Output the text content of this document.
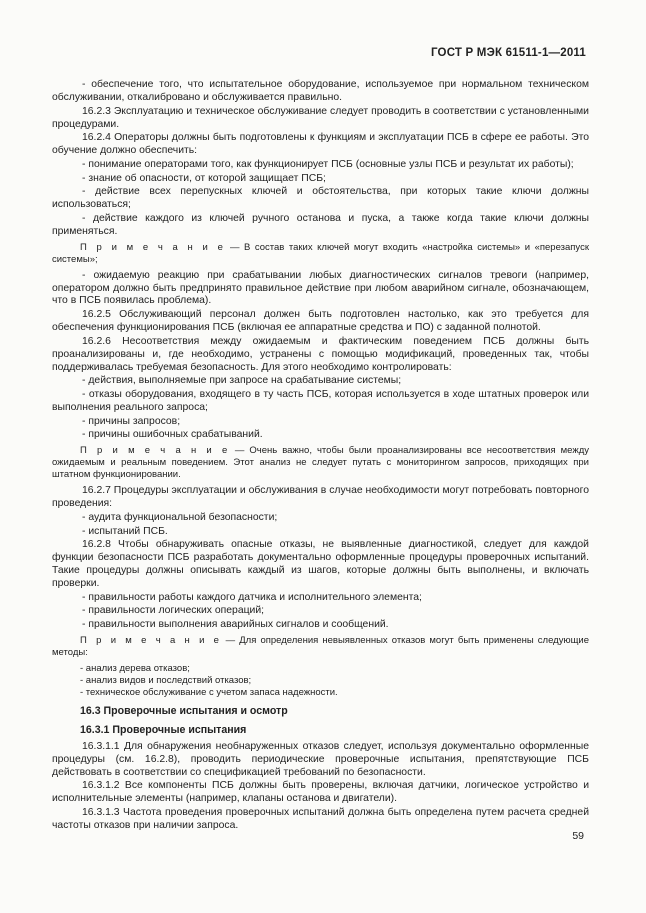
ГОСТ Р МЭК 61511-1—2011

- обеспечение того, что испытательное оборудование, используемое при нормальном техническом обслуживании, откалибровано и обслуживается правильно.

16.2.3 Эксплуатацию и техническое обслуживание следует проводить в соответствии с установленными процедурами.

16.2.4 Операторы должны быть подготовлены к функциям и эксплуатации ПСБ в сфере ее работы. Это обучение должно обеспечить:

- понимание операторами того, как функционирует ПСБ (основные узлы ПСБ и результат их работы);

- знание об опасности, от которой защищает ПСБ;

- действие всех перепускных ключей и обстоятельства, при которых такие ключи должны использоваться;

- действие каждого из ключей ручного останова и пуска, а также когда такие ключи должны применяться.

П р и м е ч а н и е — В состав таких ключей могут входить «настройка системы» и «перезапуск системы»;

- ожидаемую реакцию при срабатывании любых диагностических сигналов тревоги (например, оператором должно быть предпринято правильное действие при любом аварийном сигнале, обозначающем, что в ПСБ появилась проблема).

16.2.5 Обслуживающий персонал должен быть подготовлен настолько, как это требуется для обеспечения функционирования ПСБ (включая ее аппаратные средства и ПО) с заданной полнотой.

16.2.6 Несоответствия между ожидаемым и фактическим поведением ПСБ должны быть проанализированы и, где необходимо, устранены с помощью модификаций, проведенных так, чтобы поддерживалась требуемая безопасность. Для этого необходимо контролировать:

- действия, выполняемые при запросе на срабатывание системы;

- отказы оборудования, входящего в ту часть ПСБ, которая используется в ходе штатных проверок или выполнения реального запроса;

- причины запросов;

- причины ошибочных срабатываний.

П р и м е ч а н и е — Очень важно, чтобы были проанализированы все несоответствия между ожидаемым и реальным поведением. Этот анализ не следует путать с мониторингом запросов, приходящих при штатном функционировании.

16.2.7 Процедуры эксплуатации и обслуживания в случае необходимости могут потребовать повторного проведения:

- аудита функциональной безопасности;

- испытаний ПСБ.

16.2.8 Чтобы обнаруживать опасные отказы, не выявленные диагностикой, следует для каждой функции безопасности ПСБ разработать документально оформленные процедуры проверочных испытаний. Такие процедуры должны описывать каждый из шагов, которые должны быть выполнены, и включать проверки.

- правильности работы каждого датчика и исполнительного элемента;

- правильности логических операций;

- правильности выполнения аварийных сигналов и сообщений.

П р и м е ч а н и е — Для определения невыявленных отказов могут быть применены следующие методы:

- анализ дерева отказов;

- анализ видов и последствий отказов;

- техническое обслуживание с учетом запаса надежности.

16.3 Проверочные испытания и осмотр

16.3.1 Проверочные испытания

16.3.1.1 Для обнаружения необнаруженных отказов следует, используя документально оформленные процедуры (см. 16.2.8), проводить периодические проверочные испытания, препятствующие ПСБ действовать в соответствии со спецификацией требований по безопасности.

16.3.1.2 Все компоненты ПСБ должны быть проверены, включая датчики, логическое устройство и исполнительные элементы (например, клапаны останова и двигатели).

16.3.1.3 Частота проведения проверочных испытаний должна быть определена путем расчета средней частоты отказов при наличии запроса.

59
